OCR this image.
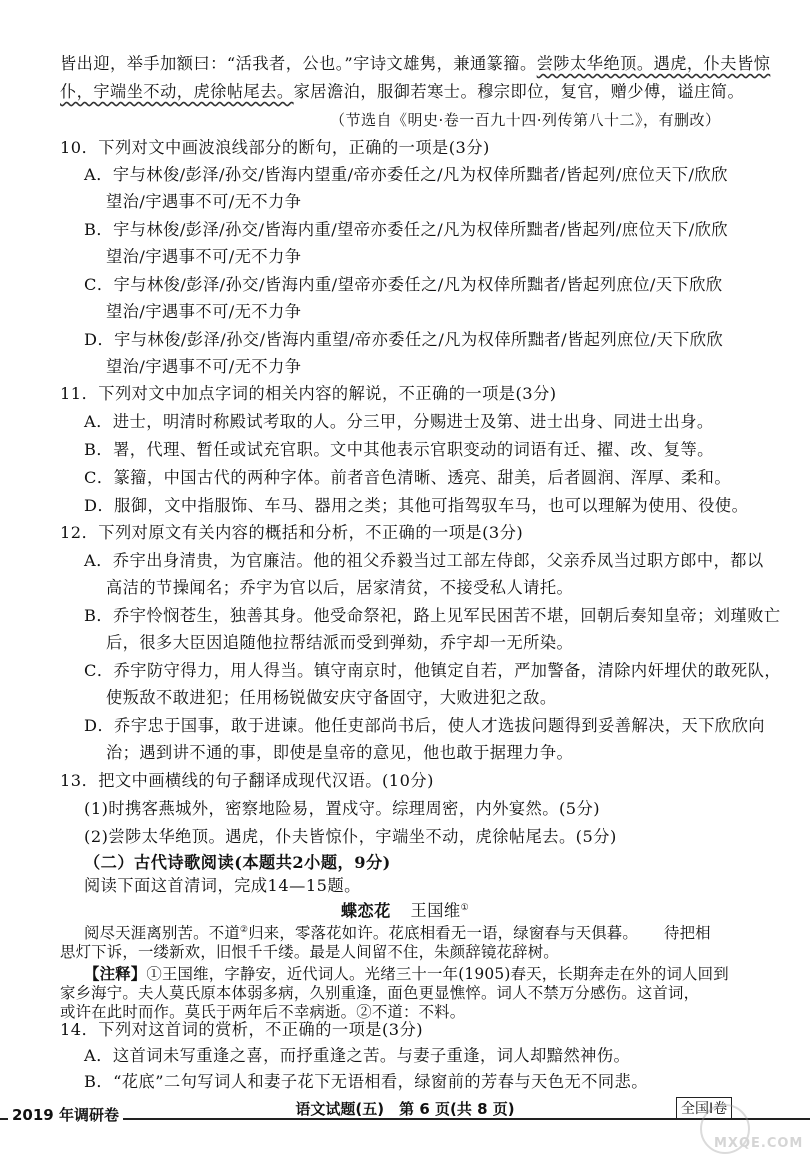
皆出迎，举手加额曰：“活我者，公也。”宇诗文雄隽，兼通篆籀。尝陟太华绝顶。遇虎，仆夫皆惊
仆，宇端坐不动，虎徐帖尾去。家居澹泊，服御若寒士。穆宗即位，复官，赠少傅，谥庄简。
（节选自《明史·卷一百九十四·列传第八十二》，有删改）
10．下列对文中画波浪线部分的断句，正确的一项是(3分)
A．宇与林俊/彭泽/孙交/皆海内望重/帝亦委任之/凡为权倖所黜者/皆起列/庶位天下/欣欣
望治/宇遇事不可/无不力争
B．宇与林俊/彭泽/孙交/皆海内重/望帝亦委任之/凡为权倖所黜者/皆起列/庶位天下/欣欣
望治/宇遇事不可/无不力争
C．宇与林俊/彭泽/孙交/皆海内重/望帝亦委任之/凡为权倖所黜者/皆起列庶位/天下欣欣
望治/宇遇事不可/无不力争
D．宇与林俊/彭泽/孙交/皆海内重望/帝亦委任之/凡为权倖所黜者/皆起列庶位/天下欣欣
望治/宇遇事不可/无不力争
11．下列对文中加点字词的相关内容的解说，不正确的一项是(3分)
A．进士，明清时称殿试考取的人。分三甲，分赐进士及第、进士出身、同进士出身。
B．署，代理、暂任或试充官职。文中其他表示官职变动的词语有迁、擢、改、复等。
C．篆籀，中国古代的两种字体。前者音色清晰、透亮、甜美，后者圆润、浑厚、柔和。
D．服御，文中指服饰、车马、器用之类；其他可指驾驭车马，也可以理解为使用、役使。
12．下列对原文有关内容的概括和分析，不正确的一项是(3分)
A．乔宇出身清贵，为官廉洁。他的祖父乔毅当过工部左侍郎，父亲乔凤当过职方郎中，都以
高洁的节操闻名；乔宇为官以后，居家清贫，不接受私人请托。
B．乔宇怜悯苍生，独善其身。他受命祭祀，路上见军民困苦不堪，回朝后奏知皇帝；刘瑾败亡
后，很多大臣因追随他拉帮结派而受到弹劾，乔宇却一无所染。
C．乔宇防守得力，用人得当。镇守南京时，他镇定自若，严加警备，清除内奸埋伏的敢死队，
使叛敌不敢进犯；任用杨锐做安庆守备固守，大败进犯之敌。
D．乔宇忠于国事，敢于进谏。他任吏部尚书后，使人才选拔问题得到妥善解决，天下欣欣向
治；遇到讲不通的事，即使是皇帝的意见，他也敢于据理力争。
13．把文中画横线的句子翻译成现代汉语。(10分)
(1)时携客燕城外，密察地险易，置戍守。综理周密，内外宴然。(5分)
(2)尝陟太华绝顶。遇虎，仆夫皆惊仆，宇端坐不动，虎徐帖尾去。(5分)
（二）古代诗歌阅读(本题共2小题，9分)
阅读下面这首清词，完成14—15题。
蝶恋花 王国维①
阅尽天涯离别苦。不道②归来，零落花如许。花底相看无一语，绿窗春与天俱暮。 待把相
思灯下诉，一缕新欢，旧恨千千缕。最是人间留不住，朱颜辞镜花辞树。
【注释】①王国维，字静安，近代词人。光绪三十一年(1905)春天，长期奔走在外的词人回到
家乡海宁。夫人莫氏原本体弱多病，久别重逢，面色更显憔悴。词人不禁万分感伤。这首词，
或许在此时而作。莫氏于两年后不幸病逝。②不道：不料。
14．下列对这首词的赏析，不正确的一项是(3分)
2019 年调研卷	语文试题(五)　第 6 页(共 8 页)	全国Ⅰ卷
MXQE.COM
A．这首词未写重逢之喜，而抒重逢之苦。与妻子重逢，词人却黯然神伤。
B．“花底”二句写词人和妻子花下无语相看，绿窗前的芳春与天色无不同悲。
